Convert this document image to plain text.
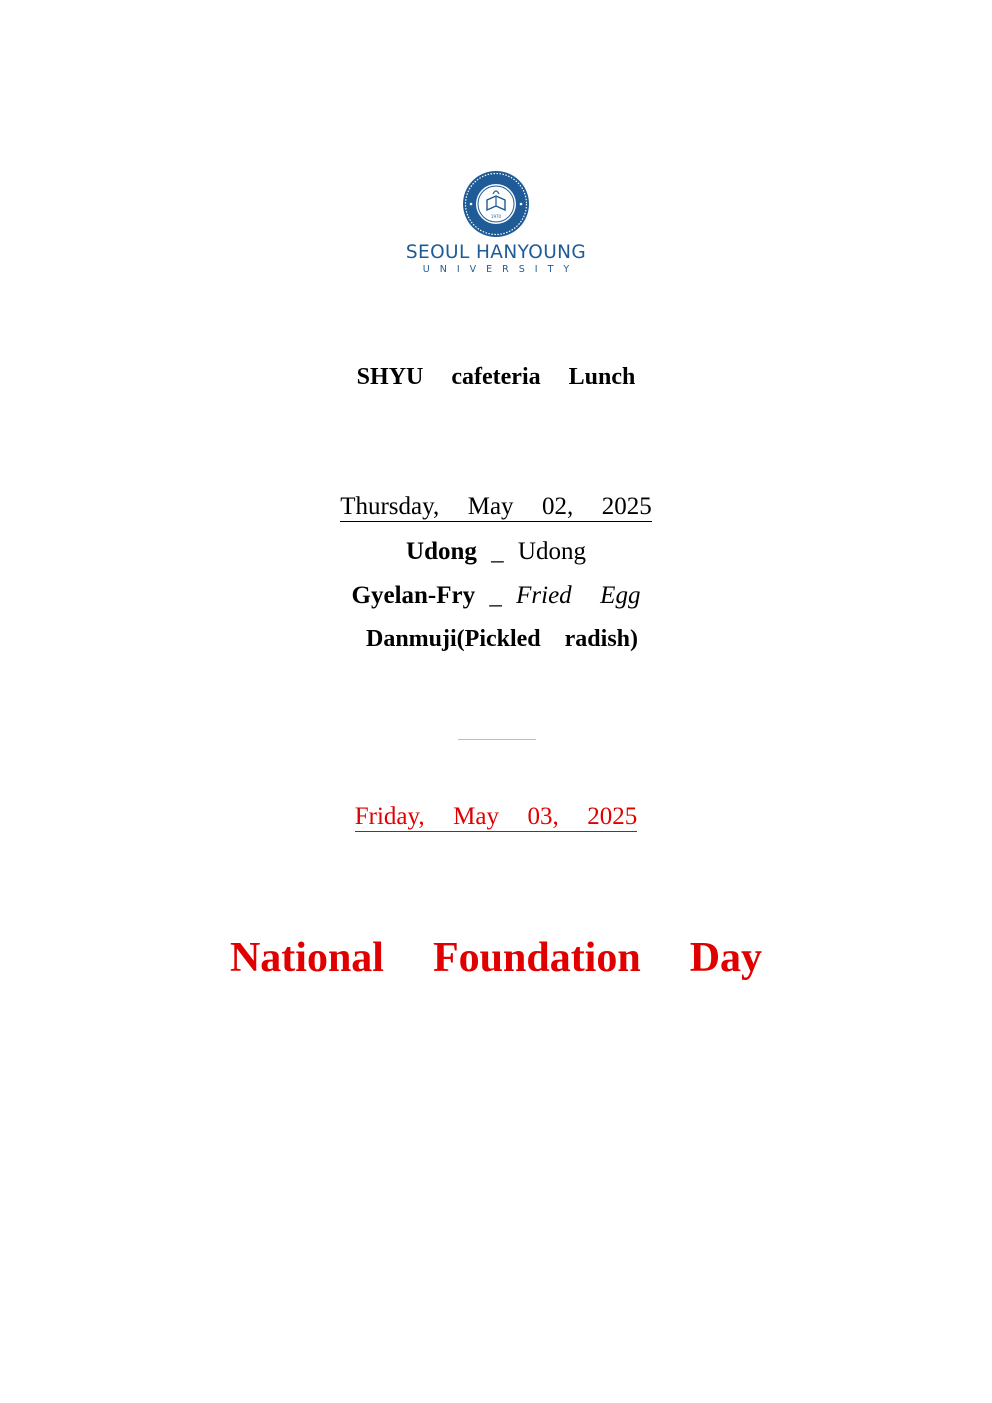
1970
SEOUL HANYOUNG
UNIVERSITY
SHYU  cafeteria  Lunch
Thursday,  May  02,  2025
Udong _ Udong
Gyelan-Fry _ Fried  Egg
Danmuji(Pickled  radish)
Friday,  May  03,  2025
National  Foundation  Day
